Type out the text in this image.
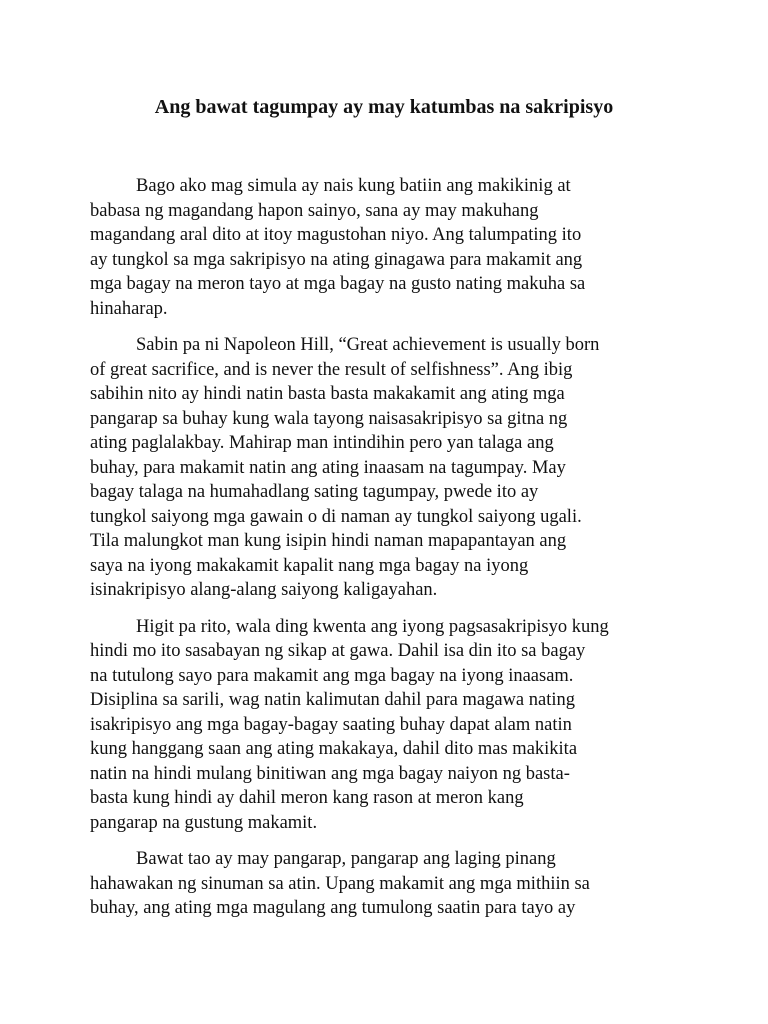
Ang bawat tagumpay ay may katumbas na sakripisyo
Bago ako mag simula ay nais kung batiin ang makikinig at
babasa ng magandang hapon sainyo, sana ay may makuhang
magandang aral dito at itoy magustohan niyo. Ang talumpating ito
ay tungkol sa mga sakripisyo na ating ginagawa para makamit ang
mga bagay na meron tayo at mga bagay na gusto nating makuha sa
hinaharap.
Sabin pa ni Napoleon Hill, “Great achievement is usually born
of great sacrifice, and is never the result of selfishness”. Ang ibig
sabihin nito ay hindi natin basta basta makakamit ang ating mga
pangarap sa buhay kung wala tayong naisasakripisyo sa gitna ng
ating paglalakbay. Mahirap man intindihin pero yan talaga ang
buhay, para makamit natin ang ating inaasam na tagumpay. May
bagay talaga na humahadlang sating tagumpay, pwede ito ay
tungkol saiyong mga gawain o di naman ay tungkol saiyong ugali.
Tila malungkot man kung isipin hindi naman mapapantayan ang
saya na iyong makakamit kapalit nang mga bagay na iyong
isinakripisyo alang-alang saiyong kaligayahan.
Higit pa rito, wala ding kwenta ang iyong pagsasakripisyo kung
hindi mo ito sasabayan ng sikap at gawa. Dahil isa din ito sa bagay
na tutulong sayo para makamit ang mga bagay na iyong inaasam.
Disiplina sa sarili, wag natin kalimutan dahil para magawa nating
isakripisyo ang mga bagay-bagay saating buhay dapat alam natin
kung hanggang saan ang ating makakaya, dahil dito mas makikita
natin na hindi mulang binitiwan ang mga bagay naiyon ng basta-
basta kung hindi ay dahil meron kang rason at meron kang
pangarap na gustung makamit.
Bawat tao ay may pangarap, pangarap ang laging pinang
hahawakan ng sinuman sa atin. Upang makamit ang mga mithiin sa
buhay, ang ating mga magulang ang tumulong saatin para tayo ay
